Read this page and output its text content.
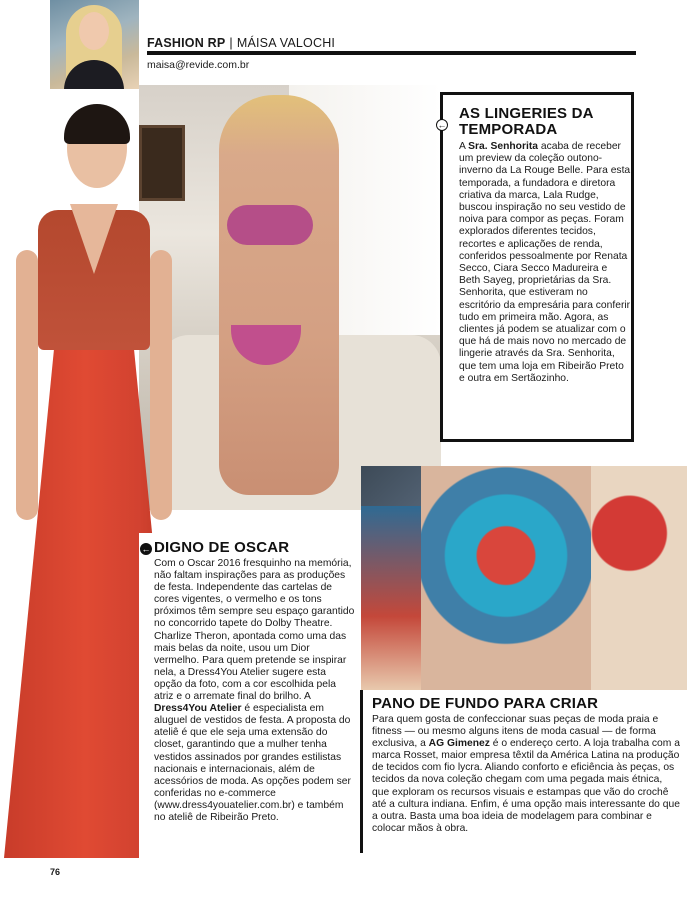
FASHION RP | MÁISA VALOCHI
maisa@revide.com.br
←
AS LINGERIES DA
TEMPORADA

A Sra. Senhorita acaba de receber um preview da coleção outono-inverno da La Rouge Belle. Para esta temporada, a fundadora e diretora criativa da marca, Lala Rudge, buscou inspiração no seu vestido de noiva para compor as peças. Foram explorados diferentes tecidos, recortes e aplicações de renda, conferidos pessoalmente por Renata Secco, Ciara Secco Madureira e Beth Sayeg, proprietárias da Sra. Senhorita, que estiveram no escritório da empresária para conferir tudo em primeira mão. Agora, as clientes já podem se atualizar com o que há de mais novo no mercado de lingerie através da Sra. Senhorita, que tem uma loja em Ribeirão Preto e outra em Sertãozinho.

← DIGNO DE OSCAR

Com o Oscar 2016 fresquinho na memória, não faltam inspirações para as produções de festa. Independente das cartelas de cores vigentes, o vermelho e os tons próximos têm sempre seu espaço garantido no concorrido tapete do Dolby Theatre. Charlize Theron, apontada como uma das mais belas da noite, usou um Dior vermelho. Para quem pretende se inspirar nela, a Dress4You Atelier sugere esta opção da foto, com a cor escolhida pela atriz e o arremate final do brilho. A Dress4You Atelier é especialista em aluguel de vestidos de festa. A proposta do ateliê é que ele seja uma extensão do closet, garantindo que a mulher tenha vestidos assinados por grandes estilistas nacionais e internacionais, além de acessórios de moda. As opções podem ser conferidas no e-commerce (www.dress4youatelier.com.br) e também no ateliê de Ribeirão Preto.

PANO DE FUNDO PARA CRIAR

Para quem gosta de confeccionar suas peças de moda praia e fitness — ou mesmo alguns itens de moda casual — de forma exclusiva, a AG Gimenez é o endereço certo. A loja trabalha com a marca Rosset, maior empresa têxtil da América Latina na produção de tecidos com fio lycra. Aliando conforto e eficiência às peças, os tecidos da nova coleção chegam com uma pegada mais étnica, que exploram os recursos visuais e estampas que vão do crochê até a cultura indiana. Enfim, é uma opção mais interessante do que a outra. Basta uma boa ideia de modelagem para combinar e colocar mãos à obra.

76
